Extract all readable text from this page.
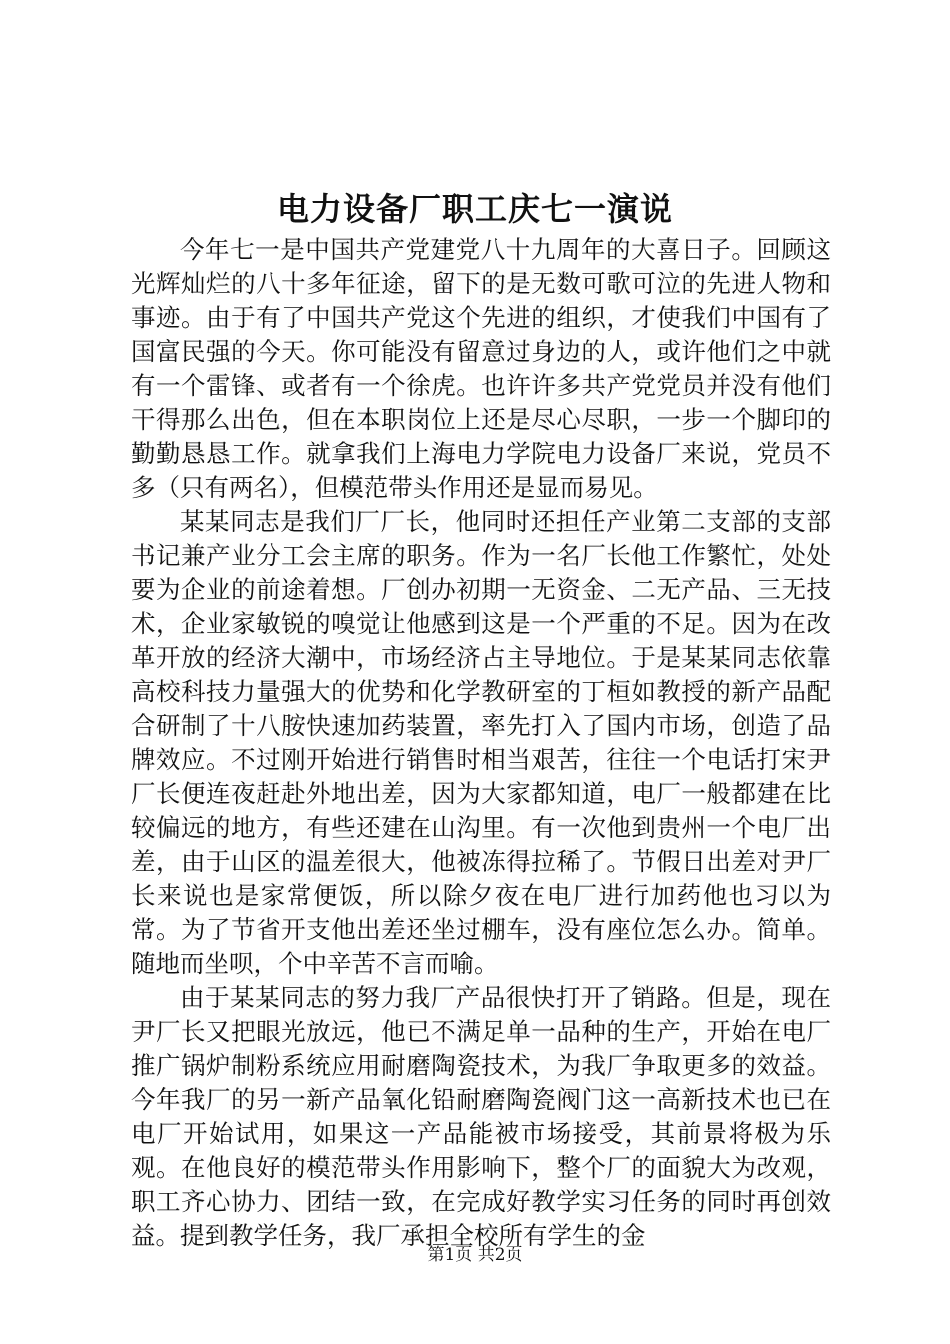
电力设备厂职工庆七一演说

今年七一是中国共产党建党八十九周年的大喜日子。回顾这光辉灿烂的八十多年征途，留下的是无数可歌可泣的先进人物和事迹。由于有了中国共产党这个先进的组织，才使我们中国有了国富民强的今天。你可能没有留意过身边的人，或许他们之中就有一个雷锋、或者有一个徐虎。也许许多共产党党员并没有他们干得那么出色，但在本职岗位上还是尽心尽职，一步一个脚印的勤勤恳恳工作。就拿我们上海电力学院电力设备厂来说，党员不多（只有两名），但模范带头作用还是显而易见。

某某同志是我们厂厂长，他同时还担任产业第二支部的支部书记兼产业分工会主席的职务。作为一名厂长他工作繁忙，处处要为企业的前途着想。厂创办初期一无资金、二无产品、三无技术，企业家敏锐的嗅觉让他感到这是一个严重的不足。因为在改革开放的经济大潮中，市场经济占主导地位。于是某某同志依靠高校科技力量强大的优势和化学教研室的丁桓如教授的新产品配合研制了十八胺快速加药装置，率先打入了国内市场，创造了品牌效应。不过刚开始进行销售时相当艰苦，往往一个电话打宋尹厂长便连夜赶赴外地出差，因为大家都知道，电厂一般都建在比较偏远的地方，有些还建在山沟里。有一次他到贵州一个电厂出差，由于山区的温差很大，他被冻得拉稀了。节假日出差对尹厂长来说也是家常便饭，所以除夕夜在电厂进行加药他也习以为常。为了节省开支他出差还坐过棚车，没有座位怎么办。简单。随地而坐呗，个中辛苦不言而喻。

由于某某同志的努力我厂产品很快打开了销路。但是，现在尹厂长又把眼光放远，他已不满足单一品种的生产，开始在电厂推广锅炉制粉系统应用耐磨陶瓷技术，为我厂争取更多的效益。今年我厂的另一新产品氧化铅耐磨陶瓷阀门这一高新技术也已在电厂开始试用，如果这一产品能被市场接受，其前景将极为乐观。在他良好的模范带头作用影响下，整个厂的面貌大为改观，职工齐心协力、团结一致，在完成好教学实习任务的同时再创效益。提到教学任务，我厂承担全校所有学生的金

第1页 共2页
